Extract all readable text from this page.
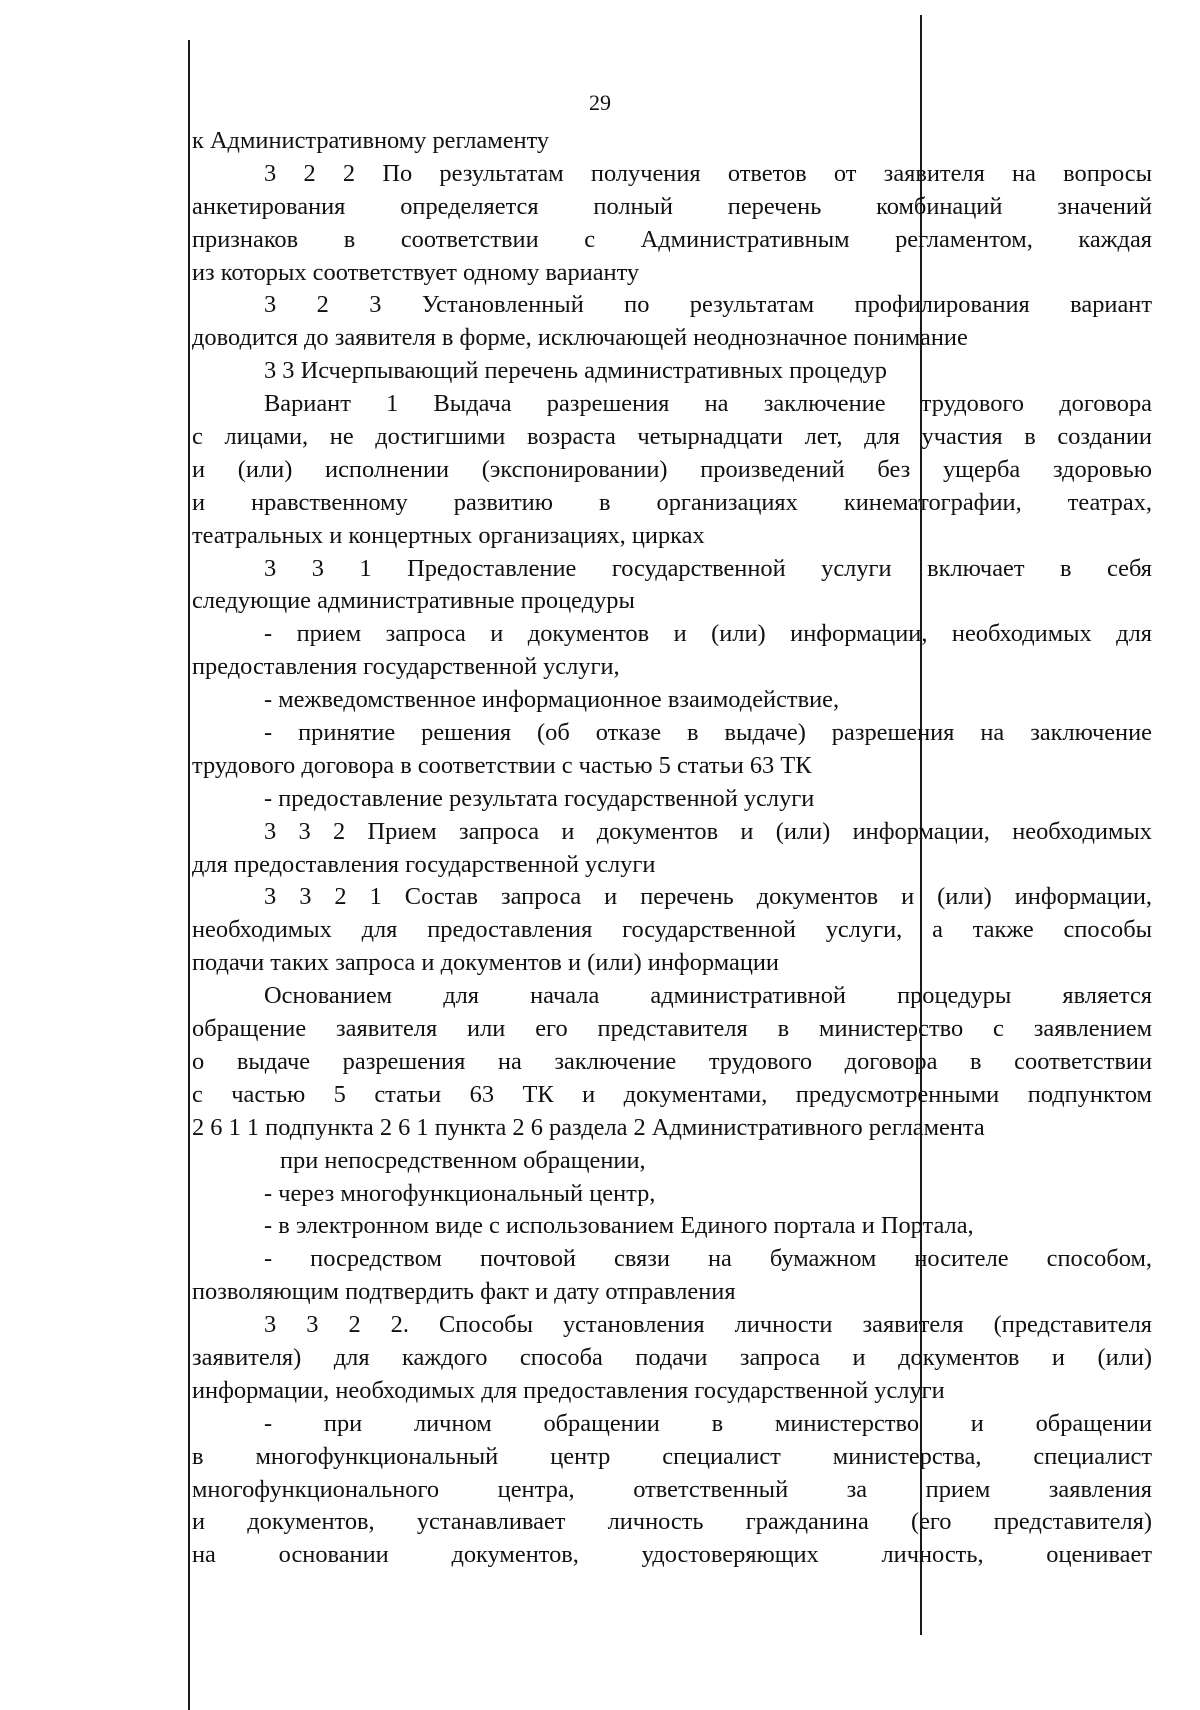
29
к Административному регламенту
3 2 2 По результатам получения ответов от заявителя на вопросы
анкетирования определяется полный перечень комбинаций значений
признаков в соответствии с Административным регламентом, каждая
из которых соответствует одному варианту
3 2 3 Установленный по результатам профилирования вариант
доводится до заявителя в форме, исключающей неоднозначное понимание
3 3 Исчерпывающий перечень административных процедур
Вариант 1 Выдача разрешения на заключение трудового договора
с лицами, не достигшими возраста четырнадцати лет, для участия в создании
и (или) исполнении (экспонировании) произведений без ущерба здоровью
и нравственному развитию в организациях кинематографии, театрах,
театральных и концертных организациях, цирках
3 3 1 Предоставление государственной услуги включает в себя
следующие административные процедуры
- прием запроса и документов и (или) информации, необходимых для
предоставления государственной услуги,
- межведомственное информационное взаимодействие,
- принятие решения (об отказе в выдаче) разрешения на заключение
трудового договора в соответствии с частью 5 статьи 63 ТК
- предоставление результата государственной услуги
3 3 2 Прием запроса и документов и (или) информации, необходимых
для предоставления государственной услуги
3 3 2 1 Состав запроса и перечень документов и (или) информации,
необходимых для предоставления государственной услуги, а также способы
подачи таких запроса и документов и (или) информации
Основанием для начала административной процедуры является
обращение заявителя или его представителя в министерство с заявлением
о выдаче разрешения на заключение трудового договора в соответствии
с частью 5 статьи 63 ТК и документами, предусмотренными подпунктом
2 6 1 1 подпункта 2 6 1 пункта 2 6 раздела 2 Административного регламента
при непосредственном обращении,
- через многофункциональный центр,
- в электронном виде с использованием Единого портала и Портала,
- посредством почтовой связи на бумажном носителе способом,
позволяющим подтвердить факт и дату отправления
3 3 2 2. Способы установления личности заявителя (представителя
заявителя) для каждого способа подачи запроса и документов и (или)
информации, необходимых для предоставления государственной услуги
- при личном обращении в министерство и обращении
в многофункциональный центр специалист министерства, специалист
многофункционального центра, ответственный за прием заявления
и документов, устанавливает личность гражданина (его представителя)
на основании документов, удостоверяющих личность, оценивает
